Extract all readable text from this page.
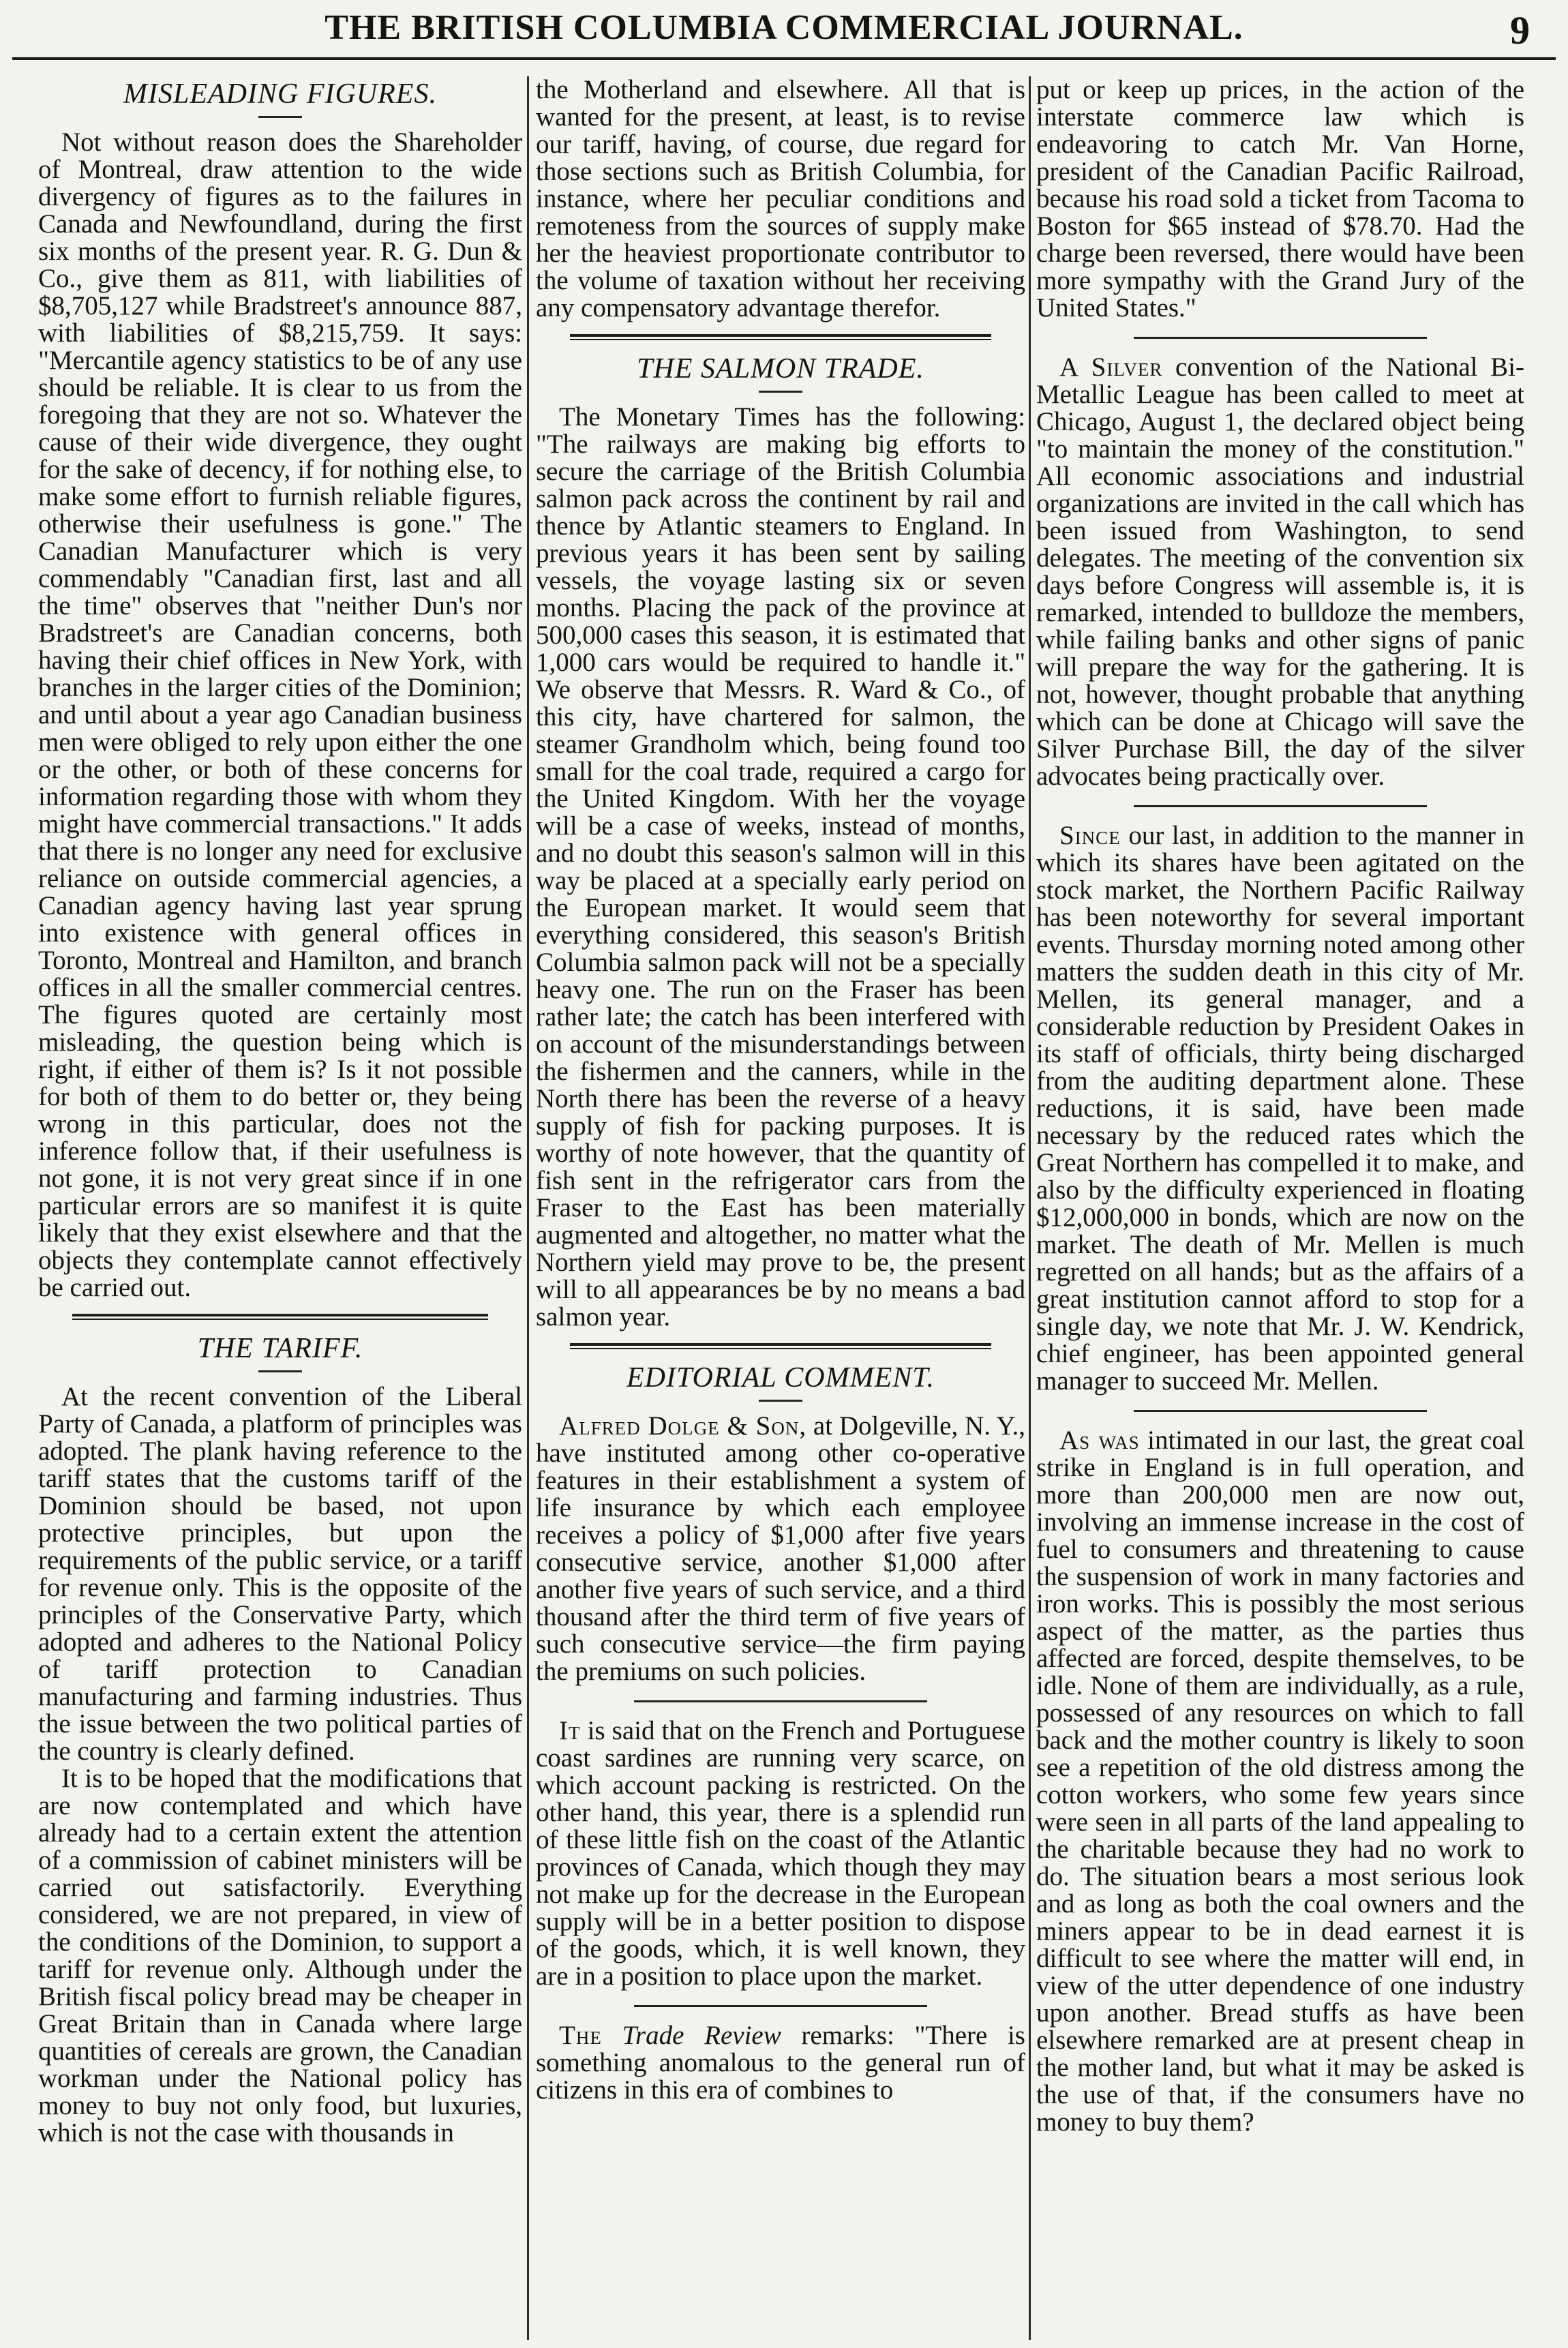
THE BRITISH COLUMBIA COMMERCIAL JOURNAL.	9
MISLEADING FIGURES.

Not without reason does the Shareholder of Montreal, draw attention to the wide divergency of figures as to the failures in Canada and Newfoundland, during the first six months of the present year. R. G. Dun & Co., give them as 811, with liabilities of $8,705,127 while Bradstreet's announce 887, with liabilities of $8,215,759. It says: "Mercantile agency statistics to be of any use should be reliable. It is clear to us from the foregoing that they are not so. Whatever the cause of their wide divergence, they ought for the sake of decency, if for nothing else, to make some effort to furnish reliable figures, otherwise their usefulness is gone." The Canadian Manufacturer which is very commendably "Canadian first, last and all the time" observes that "neither Dun's nor Bradstreet's are Canadian concerns, both having their chief offices in New York, with branches in the larger cities of the Dominion; and until about a year ago Canadian business men were obliged to rely upon either the one or the other, or both of these concerns for information regarding those with whom they might have commercial transactions." It adds that there is no longer any need for exclusive reliance on outside commercial agencies, a Canadian agency having last year sprung into existence with general offices in Toronto, Montreal and Hamilton, and branch offices in all the smaller commercial centres. The figures quoted are certainly most misleading, the question being which is right, if either of them is? Is it not possible for both of them to do better or, they being wrong in this particular, does not the inference follow that, if their usefulness is not gone, it is not very great since if in one particular errors are so manifest it is quite likely that they exist elsewhere and that the objects they contemplate cannot effectively be carried out.

THE TARIFF.

At the recent convention of the Liberal Party of Canada, a platform of principles was adopted. The plank having reference to the tariff states that the customs tariff of the Dominion should be based, not upon protective principles, but upon the requirements of the public service, or a tariff for revenue only. This is the opposite of the principles of the Conservative Party, which adopted and adheres to the National Policy of tariff protection to Canadian manufacturing and farming industries. Thus the issue between the two political parties of the country is clearly defined.

It is to be hoped that the modifications that are now contemplated and which have already had to a certain extent the attention of a commission of cabinet ministers will be carried out satisfactorily. Everything considered, we are not prepared, in view of the conditions of the Dominion, to support a tariff for revenue only. Although under the British fiscal policy bread may be cheaper in Great Britain than in Canada where large quantities of cereals are grown, the Canadian workman under the National policy has money to buy not only food, but luxuries, which is not the case with thousands in

the Motherland and elsewhere. All that is wanted for the present, at least, is to revise our tariff, having, of course, due regard for those sections such as British Columbia, for instance, where her peculiar conditions and remoteness from the sources of supply make her the heaviest proportionate contributor to the volume of taxation without her receiving any compensatory advantage therefor.

THE SALMON TRADE.

The Monetary Times has the following: "The railways are making big efforts to secure the carriage of the British Columbia salmon pack across the continent by rail and thence by Atlantic steamers to England. In previous years it has been sent by sailing vessels, the voyage lasting six or seven months. Placing the pack of the province at 500,000 cases this season, it is estimated that 1,000 cars would be required to handle it." We observe that Messrs. R. Ward & Co., of this city, have chartered for salmon, the steamer Grandholm which, being found too small for the coal trade, required a cargo for the United Kingdom. With her the voyage will be a case of weeks, instead of months, and no doubt this season's salmon will in this way be placed at a specially early period on the European market. It would seem that everything considered, this season's British Columbia salmon pack will not be a specially heavy one. The run on the Fraser has been rather late; the catch has been interfered with on account of the misunderstandings between the fishermen and the canners, while in the North there has been the reverse of a heavy supply of fish for packing purposes. It is worthy of note however, that the quantity of fish sent in the refrigerator cars from the Fraser to the East has been materially augmented and altogether, no matter what the Northern yield may prove to be, the present will to all appearances be by no means a bad salmon year.

EDITORIAL COMMENT.

Alfred Dolge & Son, at Dolgeville, N. Y., have instituted among other co-operative features in their establishment a system of life insurance by which each employee receives a policy of $1,000 after five years consecutive service, another $1,000 after another five years of such service, and a third thousand after the third term of five years of such consecutive service—the firm paying the premiums on such policies.

It is said that on the French and Portuguese coast sardines are running very scarce, on which account packing is restricted. On the other hand, this year, there is a splendid run of these little fish on the coast of the Atlantic provinces of Canada, which though they may not make up for the decrease in the European supply will be in a better position to dispose of the goods, which, it is well known, they are in a position to place upon the market.

The Trade Review remarks: "There is something anomalous to the general run of citizens in this era of combines to

put or keep up prices, in the action of the interstate commerce law which is endeavoring to catch Mr. Van Horne, president of the Canadian Pacific Railroad, because his road sold a ticket from Tacoma to Boston for $65 instead of $78.70. Had the charge been reversed, there would have been more sympathy with the Grand Jury of the United States."

A Silver convention of the National Bi-Metallic League has been called to meet at Chicago, August 1, the declared object being "to maintain the money of the constitution." All economic associations and industrial organizations are invited in the call which has been issued from Washington, to send delegates. The meeting of the convention six days before Congress will assemble is, it is remarked, intended to bulldoze the members, while failing banks and other signs of panic will prepare the way for the gathering. It is not, however, thought probable that anything which can be done at Chicago will save the Silver Purchase Bill, the day of the silver advocates being practically over.

Since our last, in addition to the manner in which its shares have been agitated on the stock market, the Northern Pacific Railway has been noteworthy for several important events. Thursday morning noted among other matters the sudden death in this city of Mr. Mellen, its general manager, and a considerable reduction by President Oakes in its staff of officials, thirty being discharged from the auditing department alone. These reductions, it is said, have been made necessary by the reduced rates which the Great Northern has compelled it to make, and also by the difficulty experienced in floating $12,000,000 in bonds, which are now on the market. The death of Mr. Mellen is much regretted on all hands; but as the affairs of a great institution cannot afford to stop for a single day, we note that Mr. J. W. Kendrick, chief engineer, has been appointed general manager to succeed Mr. Mellen.

As was intimated in our last, the great coal strike in England is in full operation, and more than 200,000 men are now out, involving an immense increase in the cost of fuel to consumers and threatening to cause the suspension of work in many factories and iron works. This is possibly the most serious aspect of the matter, as the parties thus affected are forced, despite themselves, to be idle. None of them are individually, as a rule, possessed of any resources on which to fall back and the mother country is likely to soon see a repetition of the old distress among the cotton workers, who some few years since were seen in all parts of the land appealing to the charitable because they had no work to do. The situation bears a most serious look and as long as both the coal owners and the miners appear to be in dead earnest it is difficult to see where the matter will end, in view of the utter dependence of one industry upon another. Bread stuffs as have been elsewhere remarked are at present cheap in the mother land, but what it may be asked is the use of that, if the consumers have no money to buy them?
